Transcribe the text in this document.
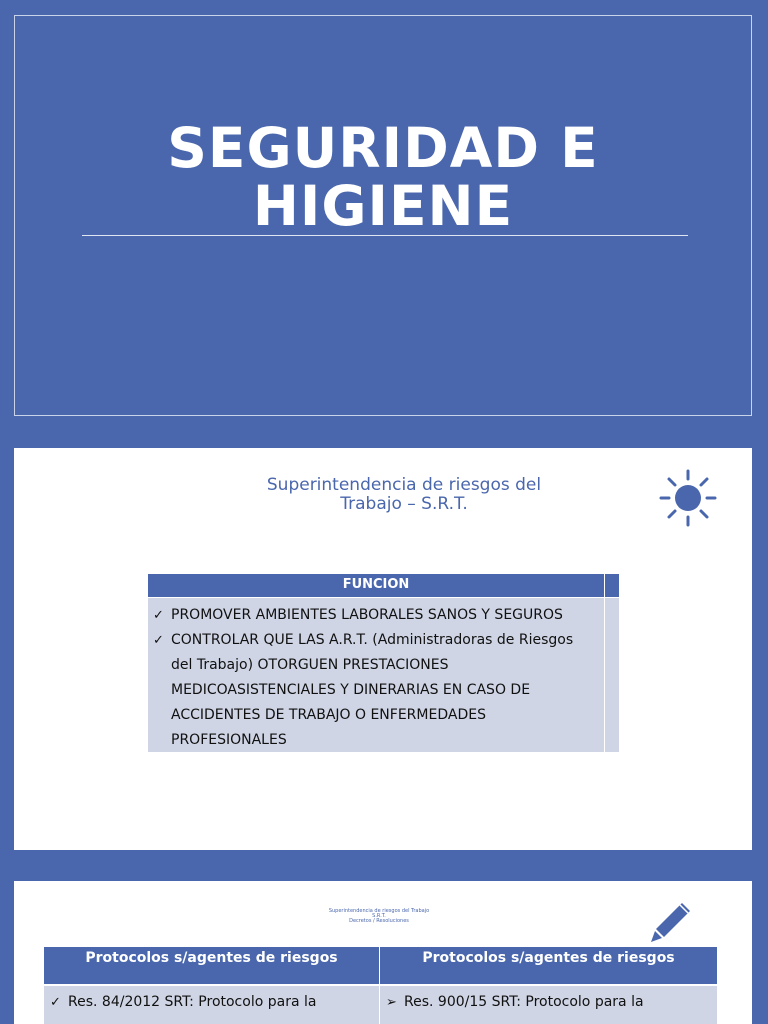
SEGURIDAD E
HIGIENE

Superintendencia de riesgos del
Trabajo – S.R.T.

FUNCION
✓ PROMOVER AMBIENTES LABORALES SANOS Y SEGUROS
✓ CONTROLAR QUE LAS A.R.T. (Administradoras de Riesgos
del Trabajo) OTORGUEN PRESTACIONES
MEDICOASISTENCIALES Y DINERARIAS EN CASO DE
ACCIDENTES DE TRABAJO O ENFERMEDADES
PROFESIONALES
Superintendencia de riesgos del Trabajo
S.R.T.
Decretos / Resoluciones
Protocolos s/agentes de riesgos	Protocolos s/agentes de riesgos
✓ Res. 84/2012 SRT: Protocolo para la	➢ Res. 900/15 SRT: Protocolo para la
